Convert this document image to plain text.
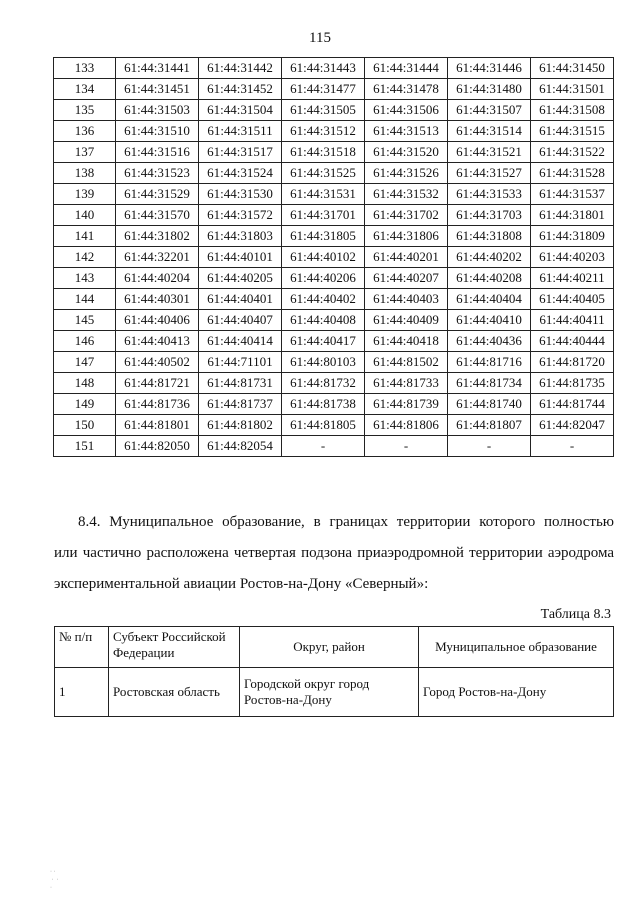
115
133	61:44:31441	61:44:31442	61:44:31443	61:44:31444	61:44:31446	61:44:31450
134	61:44:31451	61:44:31452	61:44:31477	61:44:31478	61:44:31480	61:44:31501
135	61:44:31503	61:44:31504	61:44:31505	61:44:31506	61:44:31507	61:44:31508
136	61:44:31510	61:44:31511	61:44:31512	61:44:31513	61:44:31514	61:44:31515
137	61:44:31516	61:44:31517	61:44:31518	61:44:31520	61:44:31521	61:44:31522
138	61:44:31523	61:44:31524	61:44:31525	61:44:31526	61:44:31527	61:44:31528
139	61:44:31529	61:44:31530	61:44:31531	61:44:31532	61:44:31533	61:44:31537
140	61:44:31570	61:44:31572	61:44:31701	61:44:31702	61:44:31703	61:44:31801
141	61:44:31802	61:44:31803	61:44:31805	61:44:31806	61:44:31808	61:44:31809
142	61:44:32201	61:44:40101	61:44:40102	61:44:40201	61:44:40202	61:44:40203
143	61:44:40204	61:44:40205	61:44:40206	61:44:40207	61:44:40208	61:44:40211
144	61:44:40301	61:44:40401	61:44:40402	61:44:40403	61:44:40404	61:44:40405
145	61:44:40406	61:44:40407	61:44:40408	61:44:40409	61:44:40410	61:44:40411
146	61:44:40413	61:44:40414	61:44:40417	61:44:40418	61:44:40436	61:44:40444
147	61:44:40502	61:44:71101	61:44:80103	61:44:81502	61:44:81716	61:44:81720
148	61:44:81721	61:44:81731	61:44:81732	61:44:81733	61:44:81734	61:44:81735
149	61:44:81736	61:44:81737	61:44:81738	61:44:81739	61:44:81740	61:44:81744
150	61:44:81801	61:44:81802	61:44:81805	61:44:81806	61:44:81807	61:44:82047
151	61:44:82050	61:44:82054	-	-	-	-
8.4. Муниципальное образование, в границах территории которого полностью
или частично расположена четвертая подзона приаэродромной территории аэродрома
экспериментальной авиации Ростов-на-Дону «Северный»:
Таблица 8.3
№ п/п	Субъект Российской Федерации	Округ, район	Муниципальное образование
1	Ростовская область	Городской округ город Ростов-на-Дону	Город Ростов-на-Дону
· ·
·  ·
·
